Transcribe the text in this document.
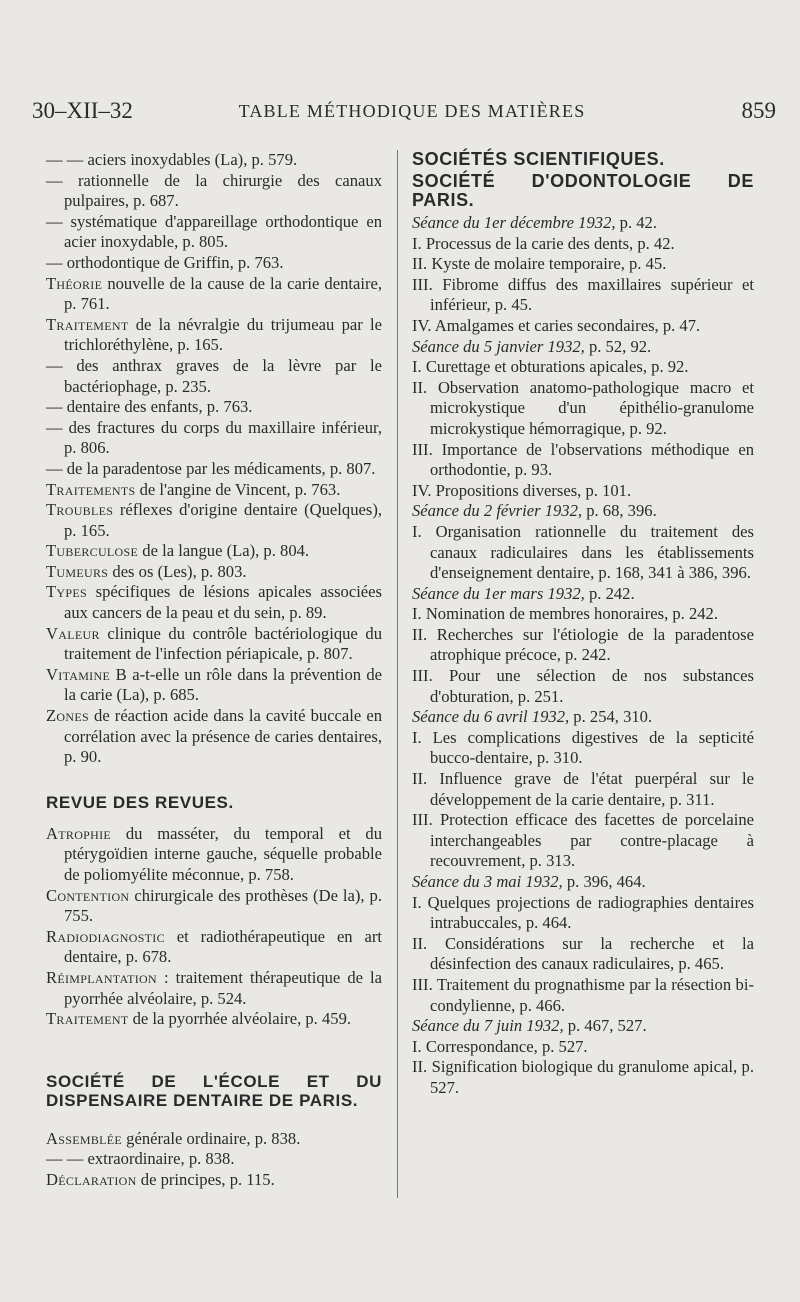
30–XII–32	TABLE MÉTHODIQUE DES MATIÈRES	859

— — aciers inoxydables (La), p. 579.

— rationnelle de la chirurgie des canaux pulpaires, p. 687.

— systématique d'appareillage orthodontique en acier inoxydable, p. 805.

— orthodontique de Griffin, p. 763.

Théorie nouvelle de la cause de la carie dentaire, p. 761.

Traitement de la névralgie du trijumeau par le trichloréthylène, p. 165.

— des anthrax graves de la lèvre par le bactériophage, p. 235.

— dentaire des enfants, p. 763.

— des fractures du corps du maxillaire inférieur, p. 806.

— de la paradentose par les médicaments, p. 807.

Traitements de l'angine de Vincent, p. 763.

Troubles réflexes d'origine dentaire (Quelques), p. 165.

Tuberculose de la langue (La), p. 804.

Tumeurs des os (Les), p. 803.

Types spécifiques de lésions apicales associées aux cancers de la peau et du sein, p. 89.

Valeur clinique du contrôle bactériologique du traitement de l'infection périapicale, p. 807.

Vitamine B a-t-elle un rôle dans la prévention de la carie (La), p. 685.

Zones de réaction acide dans la cavité buccale en corrélation avec la présence de caries dentaires, p. 90.

REVUE DES REVUES.

Atrophie du masséter, du temporal et du ptérygoïdien interne gauche, séquelle probable de poliomyélite méconnue, p. 758.

Contention chirurgicale des prothèses (De la), p. 755.

Radiodiagnostic et radiothérapeutique en art dentaire, p. 678.

Réimplantation : traitement thérapeutique de la pyorrhée alvéolaire, p. 524.

Traitement de la pyorrhée alvéolaire, p. 459.

SOCIÉTÉ DE L'ÉCOLE ET DU DISPENSAIRE DENTAIRE DE PARIS.

Assemblée générale ordinaire, p. 838.

— — extraordinaire, p. 838.

Déclaration de principes, p. 115.

SOCIÉTÉS SCIENTIFIQUES.

SOCIÉTÉ D'ODONTOLOGIE DE PARIS.

Séance du 1er décembre 1932, p. 42.

I. Processus de la carie des dents, p. 42.

II. Kyste de molaire temporaire, p. 45.

III. Fibrome diffus des maxillaires supérieur et inférieur, p. 45.

IV. Amalgames et caries secondaires, p. 47.

Séance du 5 janvier 1932, p. 52, 92.

I. Curettage et obturations apicales, p. 92.

II. Observation anatomo-pathologique macro et microkystique d'un épithélio-granulome microkystique hémorragique, p. 92.

III. Importance de l'observations méthodique en orthodontie, p. 93.

IV. Propositions diverses, p. 101.

Séance du 2 février 1932, p. 68, 396.

I. Organisation rationnelle du traitement des canaux radiculaires dans les établissements d'enseignement dentaire, p. 168, 341 à 386, 396.

Séance du 1er mars 1932, p. 242.

I. Nomination de membres honoraires, p. 242.

II. Recherches sur l'étiologie de la paradentose atrophique précoce, p. 242.

III. Pour une sélection de nos substances d'obturation, p. 251.

Séance du 6 avril 1932, p. 254, 310.

I. Les complications digestives de la septicité bucco-dentaire, p. 310.

II. Influence grave de l'état puerpéral sur le développement de la carie dentaire, p. 311.

III. Protection efficace des facettes de porcelaine interchangeables par contre-placage à recouvrement, p. 313.

Séance du 3 mai 1932, p. 396, 464.

I. Quelques projections de radiographies dentaires intrabuccales, p. 464.

II. Considérations sur la recherche et la désinfection des canaux radiculaires, p. 465.

III. Traitement du prognathisme par la résection bi-condylienne, p. 466.

Séance du 7 juin 1932, p. 467, 527.

I. Correspondance, p. 527.

II. Signification biologique du granulome apical, p. 527.
